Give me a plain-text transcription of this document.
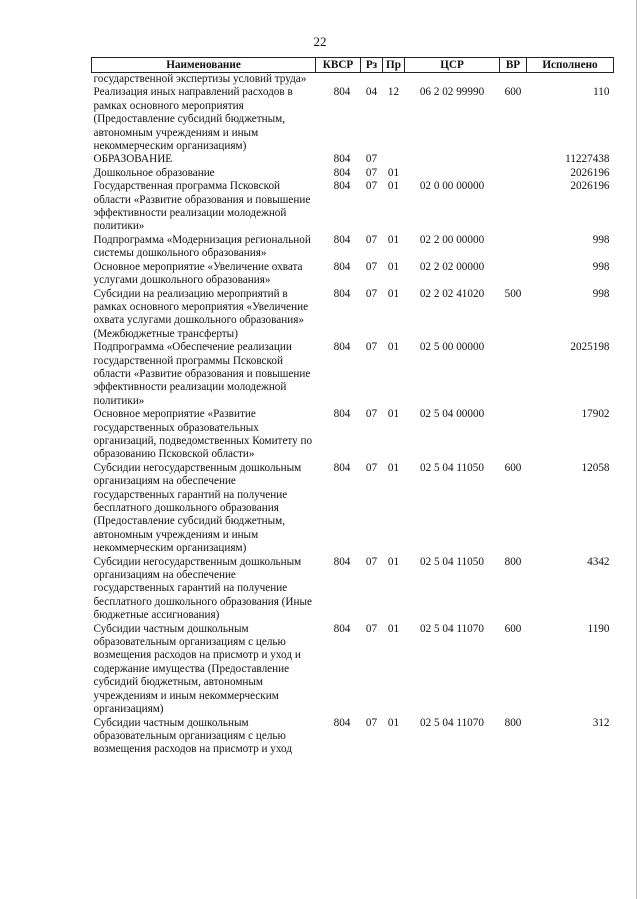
22
Наименование	КВСР	Рз	Пр	ЦСР	ВР	Исполнено
государственной экспертизы условий труда»						
Реализация иных направлений расходов в рамках основного мероприятия (Предоставление субсидий бюджетным, автономным учреждениям и иным некоммерческим организациям)	804	04	12	06 2 02 99990	600	110
ОБРАЗОВАНИЕ	804	07				11227438
Дошкольное образование	804	07	01			2026196
Государственная программа Псковской области «Развитие образования и повышение эффективности реализации молодежной политики»	804	07	01	02 0 00 00000		2026196
Подпрограмма «Модернизация региональной системы дошкольного образования»	804	07	01	02 2 00 00000		998
Основное мероприятие «Увеличение охвата услугами дошкольного образования»	804	07	01	02 2 02 00000		998
Субсидии на реализацию мероприятий в рамках основного мероприятия «Увеличение охвата услугами дошкольного образования» (Межбюджетные трансферты)	804	07	01	02 2 02 41020	500	998
Подпрограмма «Обеспечение реализации государственной программы Псковской области «Развитие образования и повышение эффективности реализации молодежной политики»	804	07	01	02 5 00 00000		2025198
Основное мероприятие «Развитие государственных образовательных организаций, подведомственных Комитету по образованию Псковской области»	804	07	01	02 5 04 00000		17902
Субсидии негосударственным дошкольным организациям на обеспечение государственных гарантий на получение бесплатного дошкольного образования (Предоставление субсидий бюджетным, автономным учреждениям и иным некоммерческим организациям)	804	07	01	02 5 04 11050	600	12058
Субсидии негосударственным дошкольным организациям на обеспечение государственных гарантий на получение бесплатного дошкольного образования (Иные бюджетные ассигнования)	804	07	01	02 5 04 11050	800	4342
Субсидии частным дошкольным образовательным организациям с целью возмещения расходов на присмотр и уход и содержание имущества (Предоставление субсидий бюджетным, автономным учреждениям и иным некоммерческим организациям)	804	07	01	02 5 04 11070	600	1190
Субсидии частным дошкольным образовательным организациям с целью возмещения расходов на присмотр и уход	804	07	01	02 5 04 11070	800	312
